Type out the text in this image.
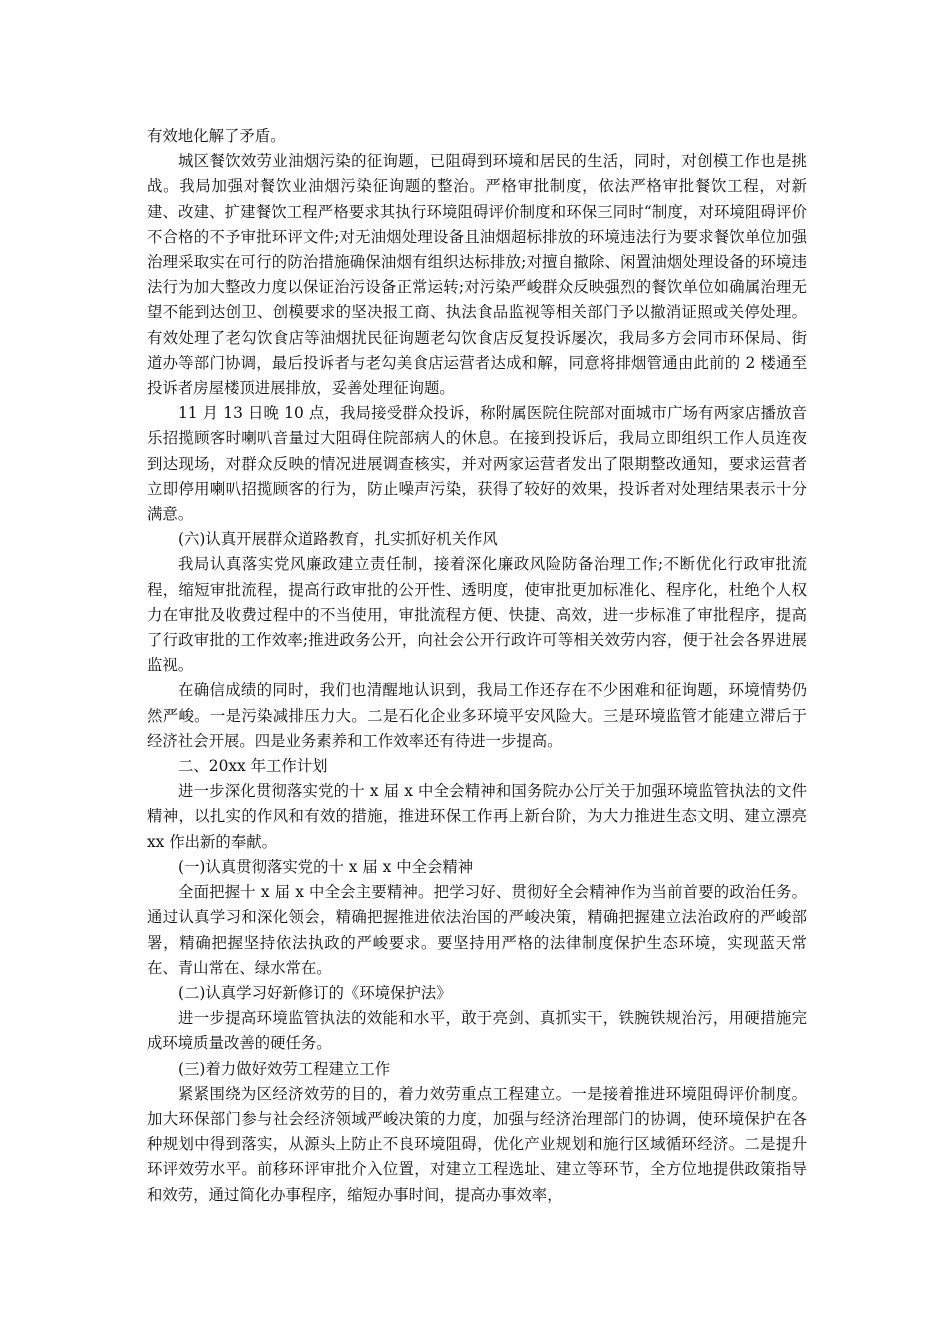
有效地化解了矛盾。

城区餐饮效劳业油烟污染的征询题，已阻碍到环境和居民的生活，同时，对创模工作也是挑战。我局加强对餐饮业油烟污染征询题的整治。严格审批制度，依法严格审批餐饮工程，对新建、改建、扩建餐饮工程严格要求其执行环境阻碍评价制度和环保三同时“制度，对环境阻碍评价不合格的不予审批环评文件;对无油烟处理设备且油烟超标排放的环境违法行为要求餐饮单位加强治理采取实在可行的防治措施确保油烟有组织达标排放;对擅自撤除、闲置油烟处理设备的环境违法行为加大整改力度以保证治污设备正常运转;对污染严峻群众反映强烈的餐饮单位如确属治理无望不能到达创卫、创模要求的坚决报工商、执法食品监视等相关部门予以撤消证照或关停处理。有效处理了老勾饮食店等油烟扰民征询题老勾饮食店反复投诉屡次，我局多方会同市环保局、街道办等部门协调，最后投诉者与老勾美食店运营者达成和解，同意将排烟管通由此前的 2 楼通至投诉者房屋楼顶进展排放，妥善处理征询题。

11 月 13 日晚 10 点，我局接受群众投诉，称附属医院住院部对面城市广场有两家店播放音乐招揽顾客时喇叭音量过大阻碍住院部病人的休息。在接到投诉后，我局立即组织工作人员连夜到达现场，对群众反映的情况进展调查核实，并对两家运营者发出了限期整改通知，要求运营者立即停用喇叭招揽顾客的行为，防止噪声污染，获得了较好的效果，投诉者对处理结果表示十分满意。

(六)认真开展群众道路教育，扎实抓好机关作风

我局认真落实党风廉政建立责任制，接着深化廉政风险防备治理工作;不断优化行政审批流程，缩短审批流程，提高行政审批的公开性、透明度，使审批更加标准化、程序化，杜绝个人权力在审批及收费过程中的不当使用，审批流程方便、快捷、高效，进一步标准了审批程序，提高了行政审批的工作效率;推进政务公开，向社会公开行政许可等相关效劳内容，便于社会各界进展监视。

在确信成绩的同时，我们也清醒地认识到，我局工作还存在不少困难和征询题，环境情势仍然严峻。一是污染减排压力大。二是石化企业多环境平安风险大。三是环境监管才能建立滞后于经济社会开展。四是业务素养和工作效率还有待进一步提高。

二、20xx 年工作计划

进一步深化贯彻落实党的十 x 届 x 中全会精神和国务院办公厅关于加强环境监管执法的文件精神，以扎实的作风和有效的措施，推进环保工作再上新台阶，为大力推进生态文明、建立漂亮 xx 作出新的奉献。

(一)认真贯彻落实党的十 x 届 x 中全会精神

全面把握十 x 届 x 中全会主要精神。把学习好、贯彻好全会精神作为当前首要的政治任务。通过认真学习和深化领会，精确把握推进依法治国的严峻决策，精确把握建立法治政府的严峻部署，精确把握坚持依法执政的严峻要求。要坚持用严格的法律制度保护生态环境，实现蓝天常在、青山常在、绿水常在。

(二)认真学习好新修订的《环境保护法》

进一步提高环境监管执法的效能和水平，敢于亮剑、真抓实干，铁腕铁规治污，用硬措施完成环境质量改善的硬任务。

(三)着力做好效劳工程建立工作

紧紧围绕为区经济效劳的目的，着力效劳重点工程建立。一是接着推进环境阻碍评价制度。加大环保部门参与社会经济领域严峻决策的力度，加强与经济治理部门的协调，使环境保护在各种规划中得到落实，从源头上防止不良环境阻碍，优化产业规划和施行区域循环经济。二是提升环评效劳水平。前移环评审批介入位置，对建立工程选址、建立等环节，全方位地提供政策指导和效劳，通过简化办事程序，缩短办事时间，提高办事效率，
